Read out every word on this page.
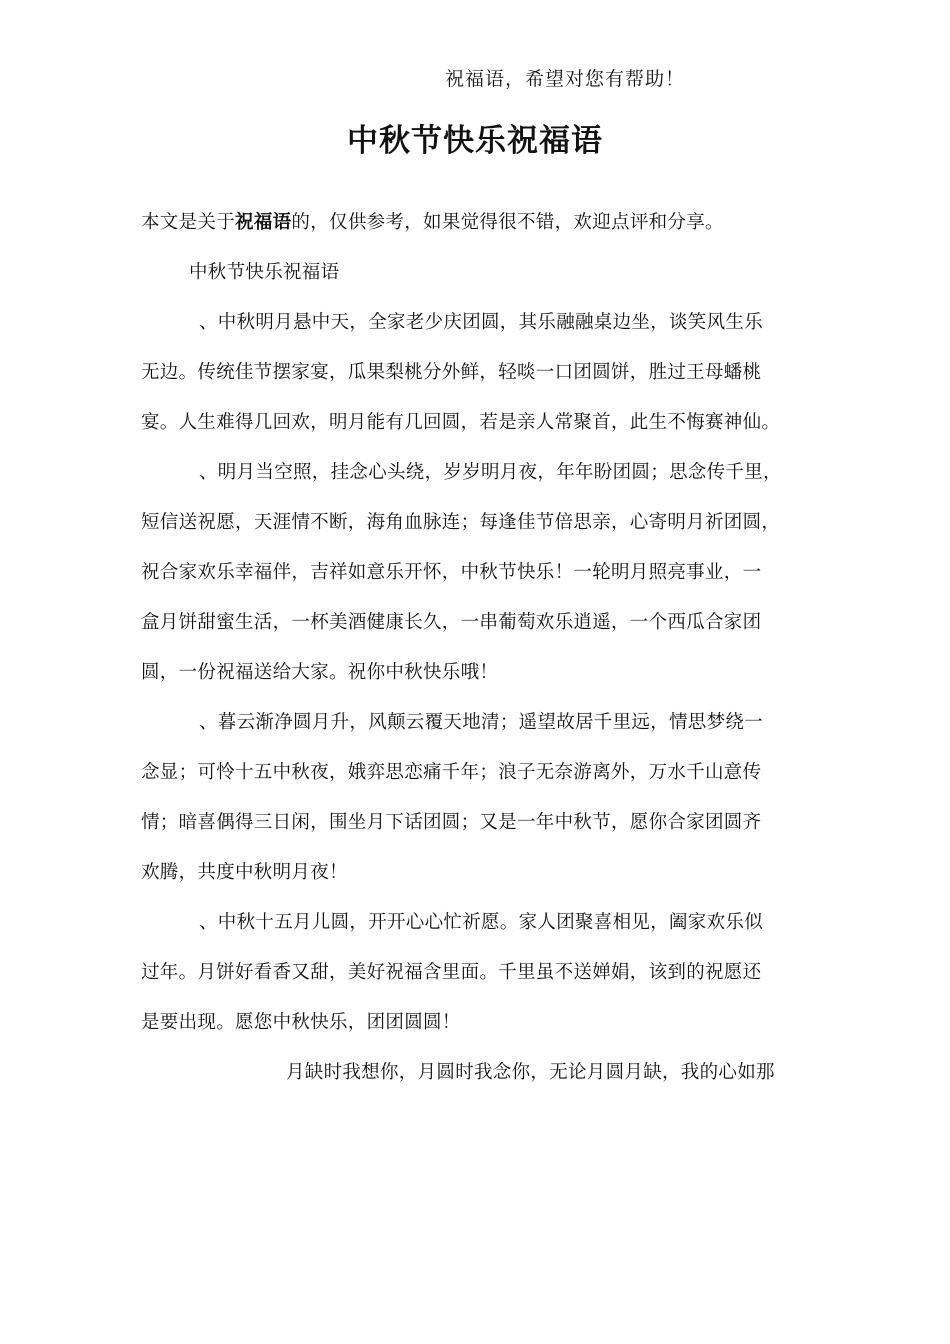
祝福语，希望对您有帮助！
中秋节快乐祝福语
本文是关于祝福语的，仅供参考，如果觉得很不错，欢迎点评和分享。
中秋节快乐祝福语
、中秋明月悬中天，全家老少庆团圆，其乐融融桌边坐，谈笑风生乐
无边。传统佳节摆家宴，瓜果梨桃分外鲜，轻啖一口团圆饼，胜过王母蟠桃
宴。人生难得几回欢，明月能有几回圆，若是亲人常聚首，此生不悔赛神仙。
、明月当空照，挂念心头绕，岁岁明月夜，年年盼团圆；思念传千里，
短信送祝愿，天涯情不断，海角血脉连；每逢佳节倍思亲，心寄明月祈团圆，
祝合家欢乐幸福伴，吉祥如意乐开怀，中秋节快乐！一轮明月照亮事业，一
盒月饼甜蜜生活，一杯美酒健康长久，一串葡萄欢乐逍遥，一个西瓜合家团
圆，一份祝福送给大家。祝你中秋快乐哦！
、暮云渐净圆月升，风颠云覆天地清；遥望故居千里远，情思梦绕一
念显；可怜十五中秋夜，娥弈思恋痛千年；浪子无奈游离外，万水千山意传
情；暗喜偶得三日闲，围坐月下话团圆；又是一年中秋节，愿你合家团圆齐
欢腾，共度中秋明月夜！
、中秋十五月儿圆，开开心心忙祈愿。家人团聚喜相见，阖家欢乐似
过年。月饼好看香又甜，美好祝福含里面。千里虽不送婵娟，该到的祝愿还
是要出现。愿您中秋快乐，团团圆圆！
月缺时我想你，月圆时我念你，无论月圆月缺，我的心如那
